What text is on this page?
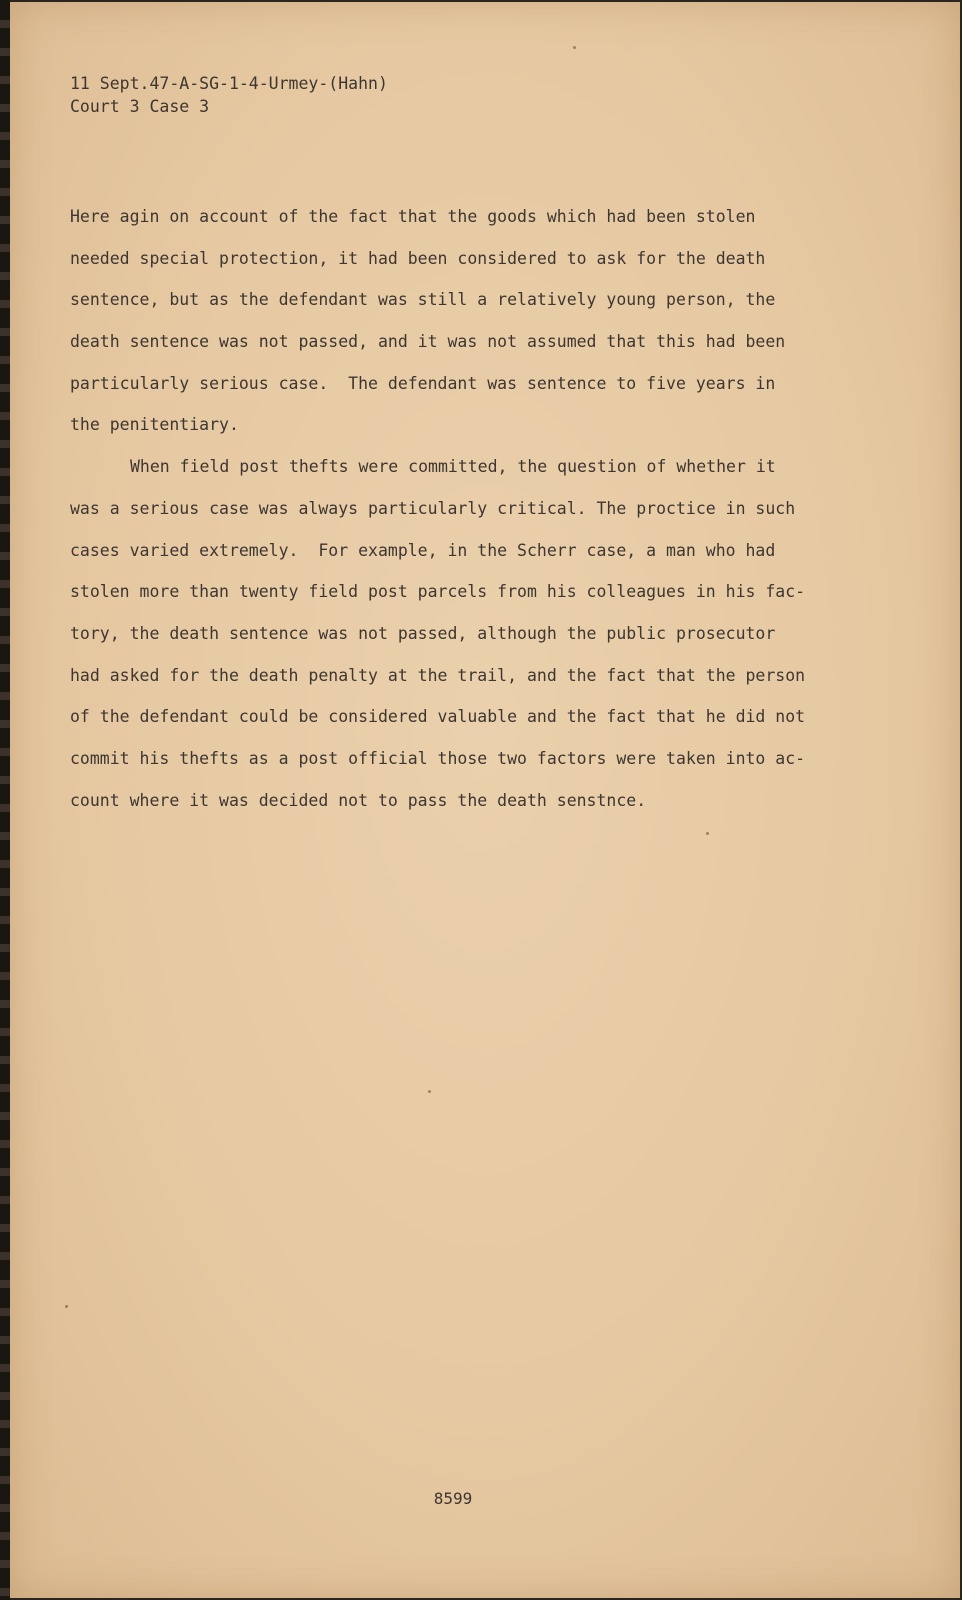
11 Sept.47-A-SG-1-4-Urmey-(Hahn)
Court 3 Case 3
Here agin on account of the fact that the goods which had been stolen
needed special protection, it had been considered to ask for the death
sentence, but as the defendant was still a relatively young person, the
death sentence was not passed, and it was not assumed that this had been
particularly serious case.  The defendant was sentence to five years in
the penitentiary.
When field post thefts were committed, the question of whether it
was a serious case was always particularly critical. The proctice in such
cases varied extremely.  For example, in the Scherr case, a man who had
stolen more than twenty field post parcels from his colleagues in his fac-
tory, the death sentence was not passed, although the public prosecutor
had asked for the death penalty at the trail, and the fact that the person
of the defendant could be considered valuable and the fact that he did not
commit his thefts as a post official those two factors were taken into ac-
count where it was decided not to pass the death senstnce.
8599
